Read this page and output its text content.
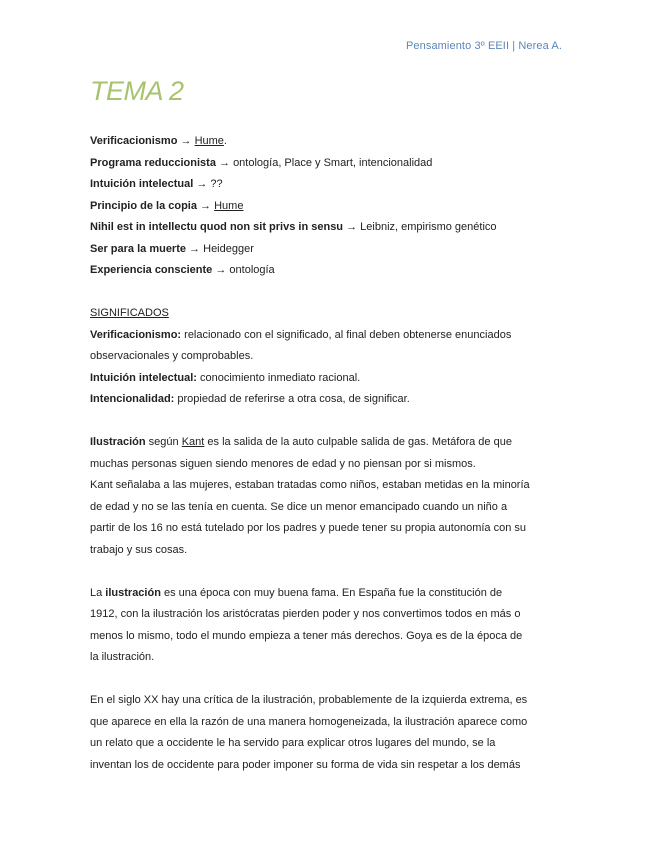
Pensamiento 3º EEII | Nerea A.
TEMA 2
Verificacionismo → Hume.
Programa reduccionista → ontología, Place y Smart, intencionalidad
Intuición intelectual → ??
Principio de la copia → Hume
Nihil est in intellectu quod non sit privs in sensu → Leibniz, empirismo genético
Ser para la muerte → Heidegger
Experiencia consciente → ontología
SIGNIFICADOS
Verificacionismo: relacionado con el significado, al final deben obtenerse enunciados
observacionales y comprobables.
Intuición intelectual: conocimiento inmediato racional.
Intencionalidad: propiedad de referirse a otra cosa, de significar.
Ilustración según Kant es la salida de la auto culpable salida de gas. Metáfora de que
muchas personas siguen siendo menores de edad y no piensan por si mismos.
Kant señalaba a las mujeres, estaban tratadas como niños, estaban metidas en la minoría
de edad y no se las tenía en cuenta. Se dice un menor emancipado cuando un niño a
partir de los 16 no está tutelado por los padres y puede tener su propia autonomía con su
trabajo y sus cosas.
La ilustración es una época con muy buena fama. En España fue la constitución de
1912, con la ilustración los aristócratas pierden poder y nos convertimos todos en más o
menos lo mismo, todo el mundo empieza a tener más derechos. Goya es de la época de
la ilustración.
En el siglo XX hay una crítica de la ilustración, probablemente de la izquierda extrema, es
que aparece en ella la razón de una manera homogeneizada, la ilustración aparece como
un relato que a occidente le ha servido para explicar otros lugares del mundo, se la
inventan los de occidente para poder imponer su forma de vida sin respetar a los demás
